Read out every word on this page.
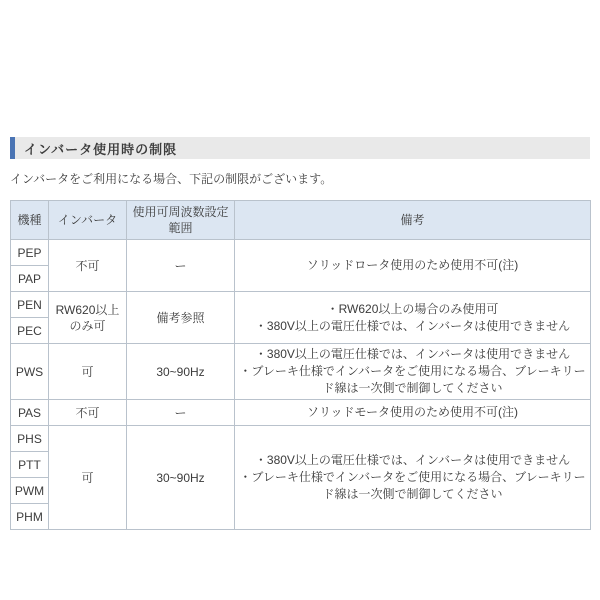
インバータ使用時の制限

インバータをご利用になる場合、下記の制限がございます。

機種	インバータ	使用可周波数設定 範囲	備考
PEP	不可	ー	ソリッドロータ使用のため使用不可(注)

PAP			
PEN	RW620以上のみ可	備考参照	・RW620以上の場合のみ使用可
・380V以上の電圧仕様では、インバータは使用できません

PEC			
PWS	可	30~90Hz	・380V以上の電圧仕様では、インバータは使用できません
・ブレーキ仕様でインバータをご使用になる場合、ブレーキリード線は一次側で制御してください

PAS	不可	ー	ソリッドモータ使用のため使用不可(注)

PHS	可	30~90Hz	・380V以上の電圧仕様では、インバータは使用できません
・ブレーキ仕様でインバータをご使用になる場合、ブレーキリード線は一次側で制御してください

PTT			
PWM			
PHM			
